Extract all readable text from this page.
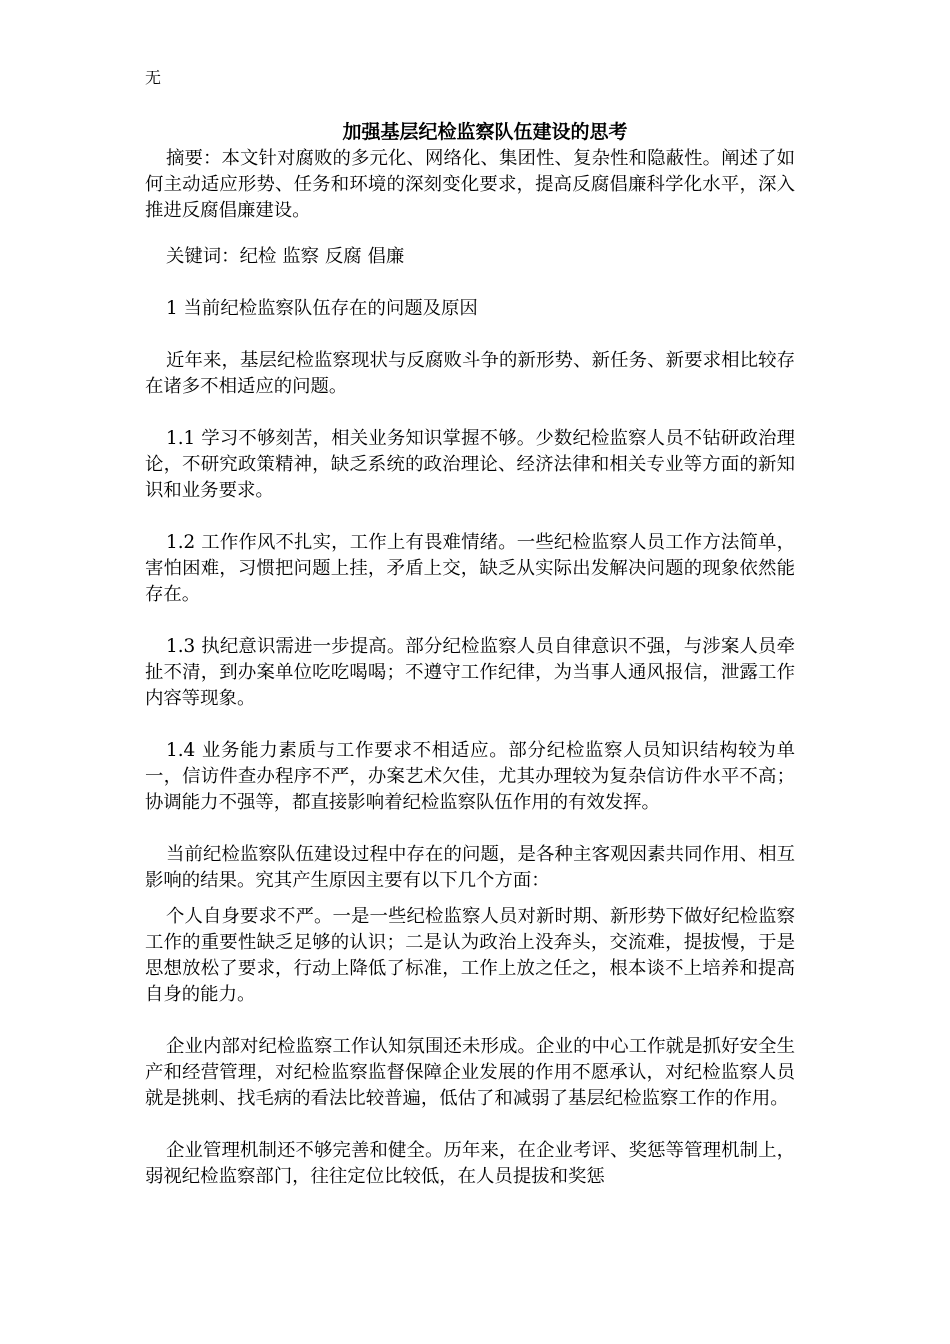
无
加强基层纪检监察队伍建设的思考

摘要：本文针对腐败的多元化、网络化、集团性、复杂性和隐蔽性。阐述了如何主动适应形势、任务和环境的深刻变化要求，提高反腐倡廉科学化水平，深入推进反腐倡廉建设。

关键词：纪检 监察 反腐 倡廉

1 当前纪检监察队伍存在的问题及原因

近年来，基层纪检监察现状与反腐败斗争的新形势、新任务、新要求相比较存在诸多不相适应的问题。

1.1 学习不够刻苦，相关业务知识掌握不够。少数纪检监察人员不钻研政治理论，不研究政策精神，缺乏系统的政治理论、经济法律和相关专业等方面的新知识和业务要求。

1.2 工作作风不扎实，工作上有畏难情绪。一些纪检监察人员工作方法简单，害怕困难，习惯把问题上挂，矛盾上交，缺乏从实际出发解决问题的现象依然能存在。

1.3 执纪意识需进一步提高。部分纪检监察人员自律意识不强，与涉案人员牵扯不清，到办案单位吃吃喝喝；不遵守工作纪律，为当事人通风报信，泄露工作内容等现象。

1.4 业务能力素质与工作要求不相适应。部分纪检监察人员知识结构较为单一，信访件查办程序不严，办案艺术欠佳，尤其办理较为复杂信访件水平不高；协调能力不强等，都直接影响着纪检监察队伍作用的有效发挥。

当前纪检监察队伍建设过程中存在的问题，是各种主客观因素共同作用、相互影响的结果。究其产生原因主要有以下几个方面：

个人自身要求不严。一是一些纪检监察人员对新时期、新形势下做好纪检监察工作的重要性缺乏足够的认识；二是认为政治上没奔头，交流难，提拔慢，于是思想放松了要求，行动上降低了标准，工作上放之任之，根本谈不上培养和提高自身的能力。

企业内部对纪检监察工作认知氛围还未形成。企业的中心工作就是抓好安全生产和经营管理，对纪检监察监督保障企业发展的作用不愿承认，对纪检监察人员就是挑刺、找毛病的看法比较普遍，低估了和减弱了基层纪检监察工作的作用。

企业管理机制还不够完善和健全。历年来，在企业考评、奖惩等管理机制上，弱视纪检监察部门，往往定位比较低，在人员提拔和奖惩
